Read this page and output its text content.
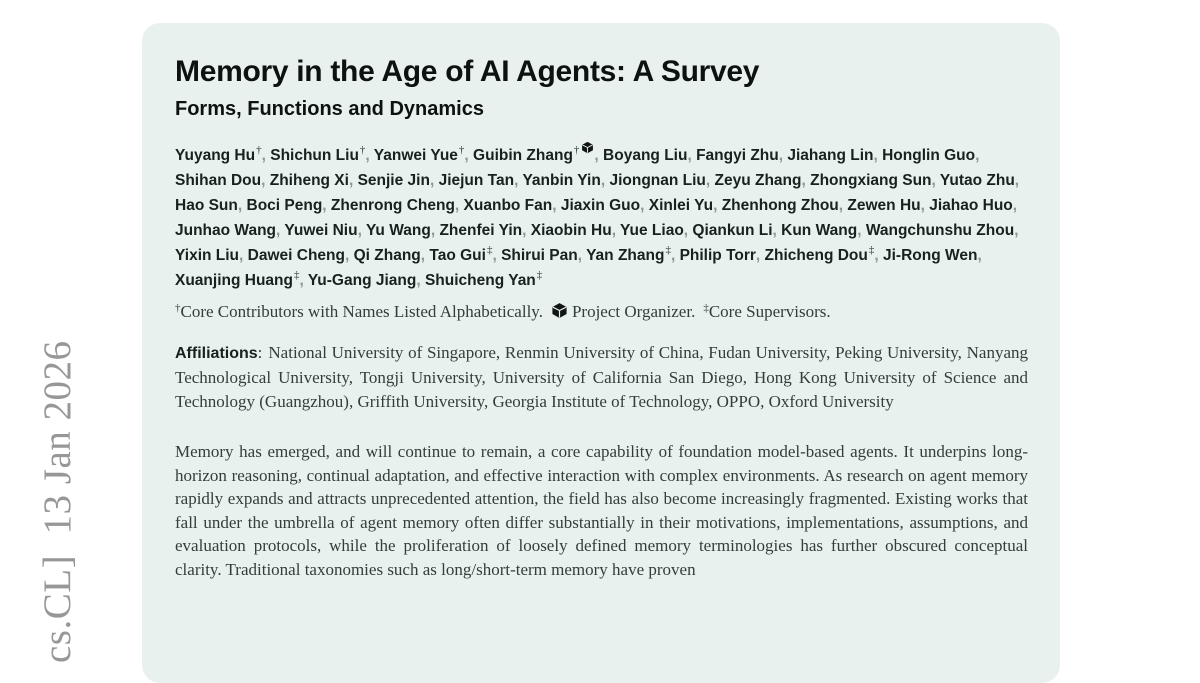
cs.CL]  13 Jan 2026
Memory in the Age of AI Agents: A Survey
Forms, Functions and Dynamics
Yuyang Hu†, Shichun Liu†, Yanwei Yue†, Guibin Zhang† , Boyang Liu, Fangyi Zhu, Jiahang Lin, Honglin Guo, Shihan Dou, Zhiheng Xi, Senjie Jin, Jiejun Tan, Yanbin Yin, Jiongnan Liu, Zeyu Zhang, Zhongxiang Sun, Yutao Zhu, Hao Sun, Boci Peng, Zhenrong Cheng, Xuanbo Fan, Jiaxin Guo, Xinlei Yu, Zhenhong Zhou, Zewen Hu, Jiahao Huo, Junhao Wang, Yuwei Niu, Yu Wang, Zhenfei Yin, Xiaobin Hu, Yue Liao, Qiankun Li, Kun Wang, Wangchunshu Zhou, Yixin Liu, Dawei Cheng, Qi Zhang, Tao Gui‡, Shirui Pan, Yan Zhang‡, Philip Torr, Zhicheng Dou‡, Ji-Rong Wen, Xuanjing Huang‡, Yu-Gang Jiang, Shuicheng Yan‡

†Core Contributors with Names Listed Alphabetically. Project Organizer. ‡Core Supervisors.

Affiliations: National University of Singapore, Renmin University of China, Fudan University, Peking University, Nanyang Technological University, Tongji University, University of California San Diego, Hong Kong University of Science and Technology (Guangzhou), Griffith University, Georgia Institute of Technology, OPPO, Oxford University

Memory has emerged, and will continue to remain, a core capability of foundation model-based agents. It underpins long-horizon reasoning, continual adaptation, and effective interaction with complex environments. As research on agent memory rapidly expands and attracts unprecedented attention, the field has also become increasingly fragmented. Existing works that fall under the umbrella of agent memory often differ substantially in their motivations, implementations, assumptions, and evaluation protocols, while the proliferation of loosely defined memory terminologies has further obscured conceptual clarity. Traditional taxonomies such as long/short-term memory have proven
